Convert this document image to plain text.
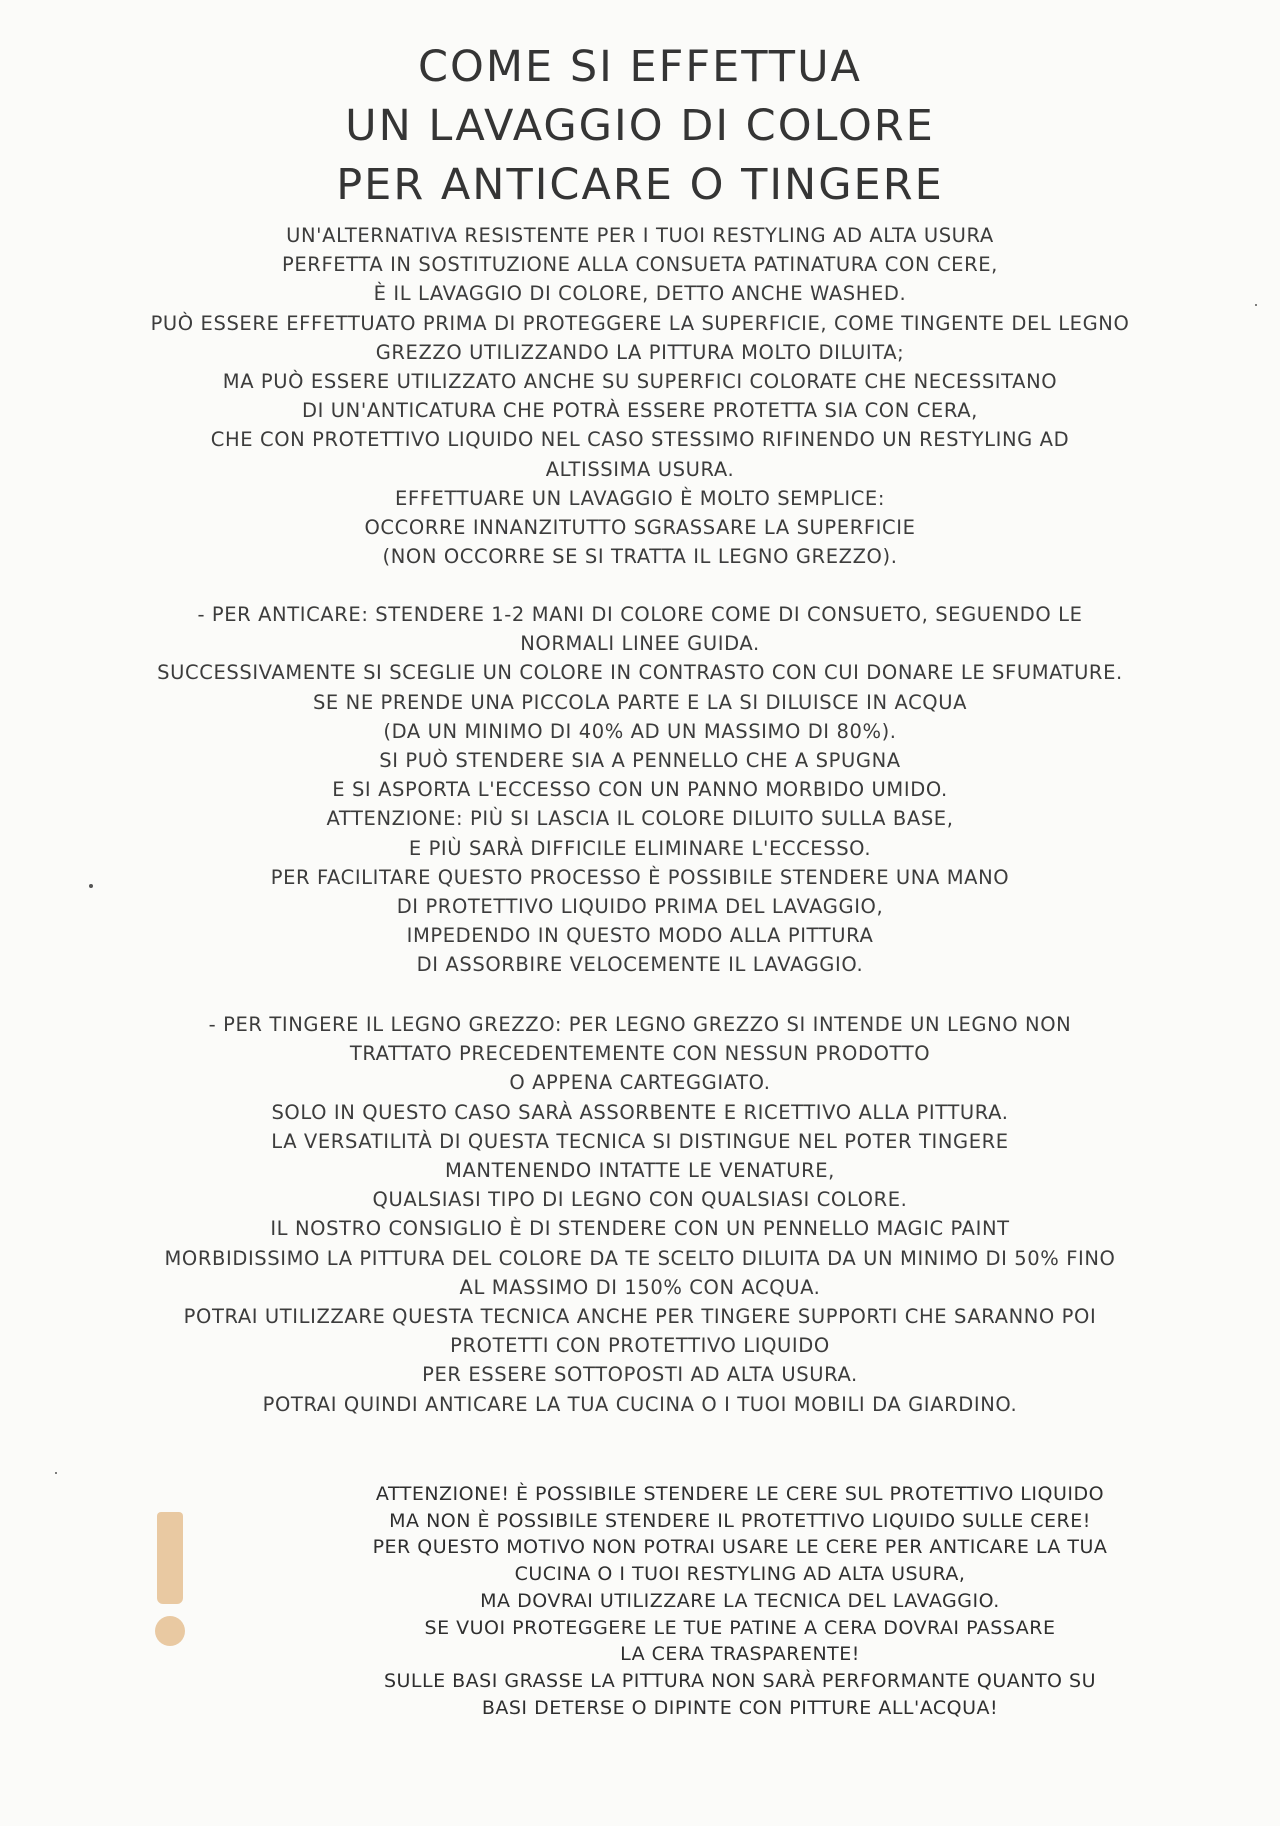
COME SI EFFETTUA
UN LAVAGGIO DI COLORE
PER ANTICARE O TINGERE
UN'ALTERNATIVA RESISTENTE PER I TUOI RESTYLING AD ALTA USURA
PERFETTA IN SOSTITUZIONE ALLA CONSUETA PATINATURA CON CERE,
È IL LAVAGGIO DI COLORE, DETTO ANCHE WASHED.
PUÒ ESSERE EFFETTUATO PRIMA DI PROTEGGERE LA SUPERFICIE, COME TINGENTE DEL LEGNO
GREZZO UTILIZZANDO LA PITTURA MOLTO DILUITA;
MA PUÒ ESSERE UTILIZZATO ANCHE SU SUPERFICI COLORATE CHE NECESSITANO
DI UN'ANTICATURA CHE POTRÀ ESSERE PROTETTA SIA CON CERA,
CHE CON PROTETTIVO LIQUIDO NEL CASO STESSIMO RIFINENDO UN RESTYLING AD
ALTISSIMA USURA.
EFFETTUARE UN LAVAGGIO È MOLTO SEMPLICE:
OCCORRE INNANZITUTTO SGRASSARE LA SUPERFICIE
(NON OCCORRE SE SI TRATTA IL LEGNO GREZZO).
- PER ANTICARE: STENDERE 1-2 MANI DI COLORE COME DI CONSUETO, SEGUENDO LE
NORMALI LINEE GUIDA.
SUCCESSIVAMENTE SI SCEGLIE UN COLORE IN CONTRASTO CON CUI DONARE LE SFUMATURE.
SE NE PRENDE UNA PICCOLA PARTE E LA SI DILUISCE IN ACQUA
(DA UN MINIMO DI 40% AD UN MASSIMO DI 80%).
SI PUÒ STENDERE SIA A PENNELLO CHE A SPUGNA
E SI ASPORTA L'ECCESSO CON UN PANNO MORBIDO UMIDO.
ATTENZIONE: PIÙ SI LASCIA IL COLORE DILUITO SULLA BASE,
E PIÙ SARÀ DIFFICILE ELIMINARE L'ECCESSO.
PER FACILITARE QUESTO PROCESSO È POSSIBILE STENDERE UNA MANO
DI PROTETTIVO LIQUIDO PRIMA DEL LAVAGGIO,
IMPEDENDO IN QUESTO MODO ALLA PITTURA
DI ASSORBIRE VELOCEMENTE IL LAVAGGIO.
- PER TINGERE IL LEGNO GREZZO: PER LEGNO GREZZO SI INTENDE UN LEGNO NON
TRATTATO PRECEDENTEMENTE CON NESSUN PRODOTTO
O APPENA CARTEGGIATO.
SOLO IN QUESTO CASO SARÀ ASSORBENTE E RICETTIVO ALLA PITTURA.
LA VERSATILITÀ DI QUESTA TECNICA SI DISTINGUE NEL POTER TINGERE
MANTENENDO INTATTE LE VENATURE,
QUALSIASI TIPO DI LEGNO CON QUALSIASI COLORE.
IL NOSTRO CONSIGLIO È DI STENDERE CON UN PENNELLO MAGIC PAINT
MORBIDISSIMO LA PITTURA DEL COLORE DA TE SCELTO DILUITA DA UN MINIMO DI 50% FINO
AL MASSIMO DI 150% CON ACQUA.
POTRAI UTILIZZARE QUESTA TECNICA ANCHE PER TINGERE SUPPORTI CHE SARANNO POI
PROTETTI CON PROTETTIVO LIQUIDO
PER ESSERE SOTTOPOSTI AD ALTA USURA.
POTRAI QUINDI ANTICARE LA TUA CUCINA O I TUOI MOBILI DA GIARDINO.
ATTENZIONE! È POSSIBILE STENDERE LE CERE SUL PROTETTIVO LIQUIDO
MA NON È POSSIBILE STENDERE IL PROTETTIVO LIQUIDO SULLE CERE!
PER QUESTO MOTIVO NON POTRAI USARE LE CERE PER ANTICARE LA TUA
CUCINA O I TUOI RESTYLING AD ALTA USURA,
MA DOVRAI UTILIZZARE LA TECNICA DEL LAVAGGIO.
SE VUOI PROTEGGERE LE TUE PATINE A CERA DOVRAI PASSARE
LA CERA TRASPARENTE!
SULLE BASI GRASSE LA PITTURA NON SARÀ PERFORMANTE QUANTO SU
BASI DETERSE O DIPINTE CON PITTURE ALL'ACQUA!
